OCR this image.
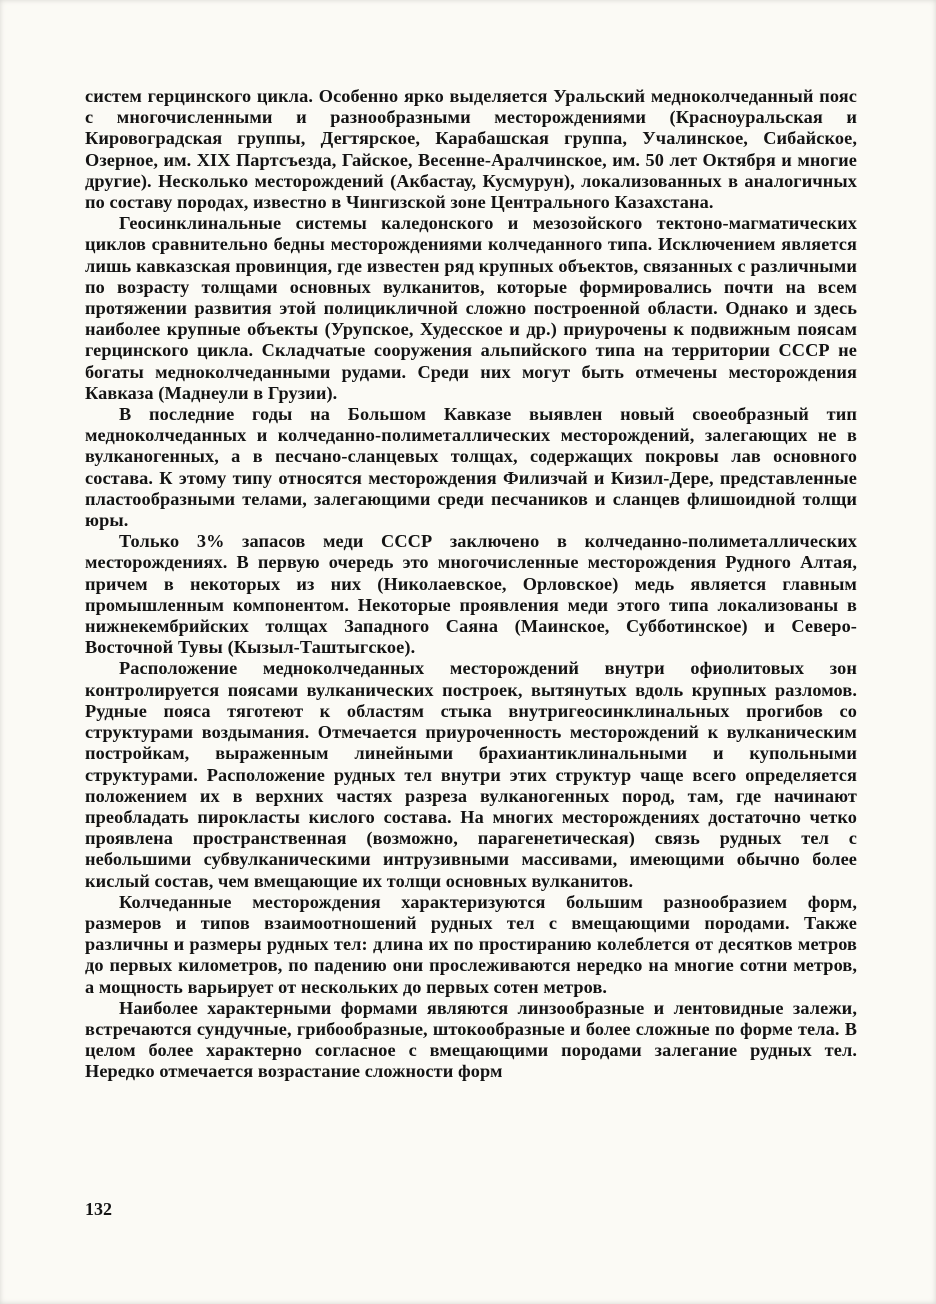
систем герцинского цикла. Особенно ярко выделяется Уральский медноколчеданный пояс с многочисленными и разнообразными месторождениями (Красноуральская и Кировоградская группы, Дегтярское, Карабашская группа, Учалинское, Сибайское, Озерное, им. XIX Партсъезда, Гайское, Весенне-Аралчинское, им. 50 лет Октября и многие другие). Несколько месторождений (Акбастау, Кусмурун), локализованных в аналогичных по составу породах, известно в Чингизской зоне Центрального Казахстана.

Геосинклинальные системы каледонского и мезозойского тектоно-магматических циклов сравнительно бедны месторождениями колчеданного типа. Исключением является лишь кавказская провинция, где известен ряд крупных объектов, связанных с различными по возрасту толщами основных вулканитов, которые формировались почти на всем протяжении развития этой полицикличной сложно построенной области. Однако и здесь наиболее крупные объекты (Урупское, Худесское и др.) приурочены к подвижным поясам герцинского цикла. Складчатые сооружения альпийского типа на территории СССР не богаты медноколчеданными рудами. Среди них могут быть отмечены месторождения Кавказа (Маднеули в Грузии).

В последние годы на Большом Кавказе выявлен новый своеобразный тип медноколчеданных и колчеданно-полиметаллических месторождений, залегающих не в вулканогенных, а в песчано-сланцевых толщах, содержащих покровы лав основного состава. К этому типу относятся месторождения Филизчай и Кизил-Дере, представленные пластообразными телами, залегающими среди песчаников и сланцев флишоидной толщи юры.

Только 3% запасов меди СССР заключено в колчеданно-полиметаллических месторождениях. В первую очередь это многочисленные месторождения Рудного Алтая, причем в некоторых из них (Николаевское, Орловское) медь является главным промышленным компонентом. Некоторые проявления меди этого типа локализованы в нижнекембрийских толщах Западного Саяна (Маинское, Субботинское) и Северо-Восточной Тувы (Кызыл-Таштыгское).

Расположение медноколчеданных месторождений внутри офиолитовых зон контролируется поясами вулканических построек, вытянутых вдоль крупных разломов. Рудные пояса тяготеют к областям стыка внутригеосинклинальных прогибов со структурами воздымания. Отмечается приуроченность месторождений к вулканическим постройкам, выраженным линейными брахиантиклинальными и купольными структурами. Расположение рудных тел внутри этих структур чаще всего определяется положением их в верхних частях разреза вулканогенных пород, там, где начинают преобладать пирокласты кислого состава. На многих месторождениях достаточно четко проявлена пространственная (возможно, парагенетическая) связь рудных тел с небольшими субвулканическими интрузивными массивами, имеющими обычно более кислый состав, чем вмещающие их толщи основных вулканитов.

Колчеданные месторождения характеризуются большим разнообразием форм, размеров и типов взаимоотношений рудных тел с вмещающими породами. Также различны и размеры рудных тел: длина их по простиранию колеблется от десятков метров до первых километров, по падению они прослеживаются нередко на многие сотни метров, а мощность варьирует от нескольких до первых сотен метров.

Наиболее характерными формами являются линзообразные и лентовидные залежи, встречаются сундучные, грибообразные, штокообразные и более сложные по форме тела. В целом более характерно согласное с вмещающими породами залегание рудных тел. Нередко отмечается возрастание сложности форм

132
